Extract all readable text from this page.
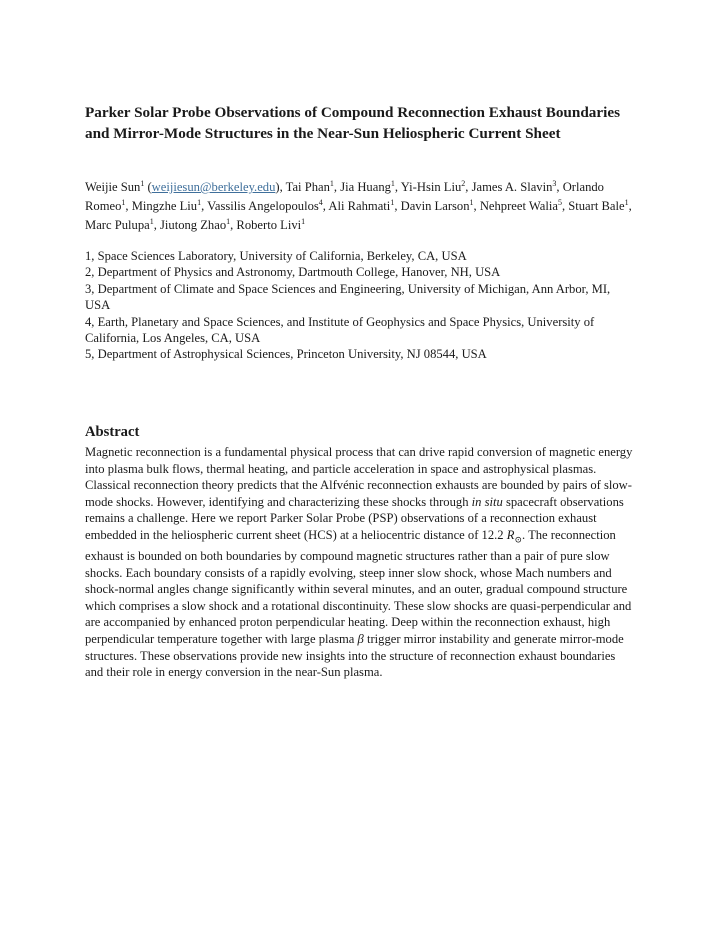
Parker Solar Probe Observations of Compound Reconnection Exhaust Boundaries and Mirror-Mode Structures in the Near-Sun Heliospheric Current Sheet

Weijie Sun$^1$ (weijiesun@berkeley.edu), Tai Phan$^1$, Jia Huang$^1$, Yi-Hsin Liu$^2$, James A. Slavin$^3$, Orlando Romeo$^1$, Mingzhe Liu$^1$, Vassilis Angelopoulos$^4$, Ali Rahmati$^1$, Davin Larson$^1$, Nehpreet Walia$^5$, Stuart Bale$^1$, Marc Pulupa$^1$, Jiutong Zhao$^1$, Roberto Livi$^1$

1, Space Sciences Laboratory, University of California, Berkeley, CA, USA
2, Department of Physics and Astronomy, Dartmouth College, Hanover, NH, USA
3, Department of Climate and Space Sciences and Engineering, University of Michigan, Ann Arbor, MI, USA
4, Earth, Planetary and Space Sciences, and Institute of Geophysics and Space Physics, University of California, Los Angeles, CA, USA
5, Department of Astrophysical Sciences, Princeton University, NJ 08544, USA
Abstract

Magnetic reconnection is a fundamental physical process that can drive rapid conversion of magnetic energy into plasma bulk flows, thermal heating, and particle acceleration in space and astrophysical plasmas. Classical reconnection theory predicts that the Alfvénic reconnection exhausts are bounded by pairs of slow-mode shocks. However, identifying and characterizing these shocks through in situ spacecraft observations remains a challenge. Here we report Parker Solar Probe (PSP) observations of a reconnection exhaust embedded in the heliospheric current sheet (HCS) at a heliocentric distance of 12.2 $R_⊙$. The reconnection exhaust is bounded on both boundaries by compound magnetic structures rather than a pair of pure slow shocks. Each boundary consists of a rapidly evolving, steep inner slow shock, whose Mach numbers and shock-normal angles change significantly within several minutes, and an outer, gradual compound structure which comprises a slow shock and a rotational discontinuity. These slow shocks are quasi-perpendicular and are accompanied by enhanced proton perpendicular heating. Deep within the reconnection exhaust, high perpendicular temperature together with large plasma β trigger mirror instability and generate mirror-mode structures. These observations provide new insights into the structure of reconnection exhaust boundaries and their role in energy conversion in the near-Sun plasma.
